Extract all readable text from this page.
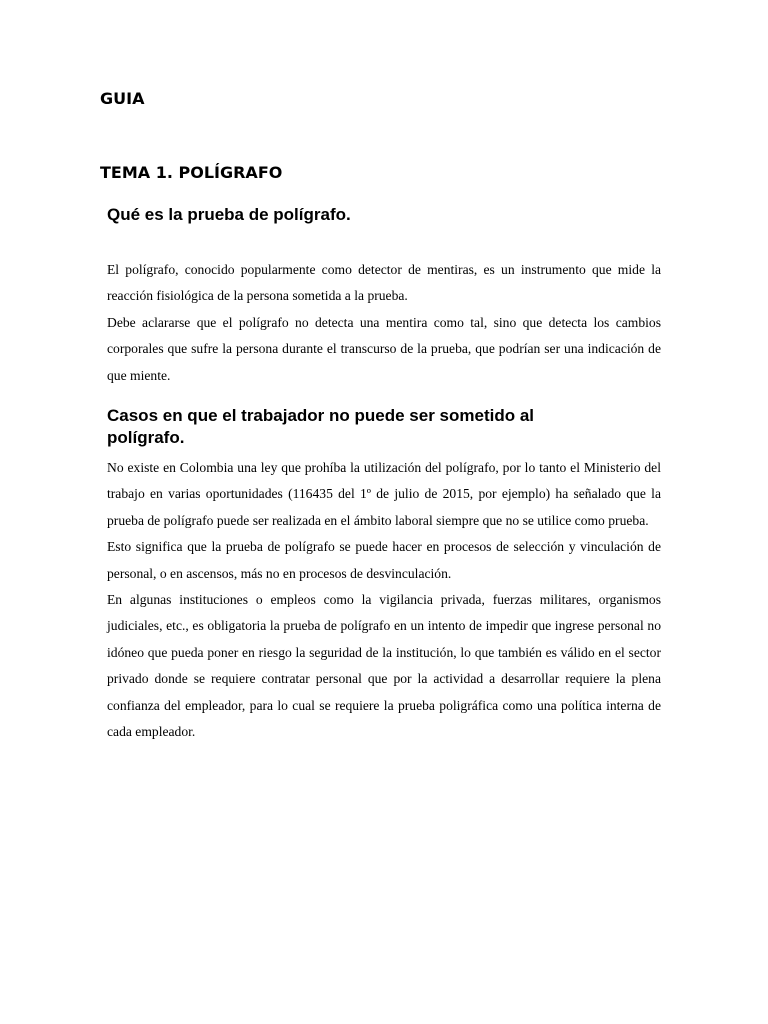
GUIA
TEMA 1. POLÍGRAFO
Qué es la prueba de polígrafo.

El polígrafo, conocido popularmente como detector de mentiras, es un instrumento que mide la reacción fisiológica de la persona sometida a la prueba.

Debe aclararse que el polígrafo no detecta una mentira como tal, sino que detecta los cambios corporales que sufre la persona durante el transcurso de la prueba, que podrían ser una indicación de que miente.

Casos en que el trabajador no puede ser sometido al polígrafo.

No existe en Colombia una ley que prohíba la utilización del polígrafo, por lo tanto el Ministerio del trabajo en varias oportunidades (116435 del 1º de julio de 2015, por ejemplo) ha señalado que la prueba de polígrafo puede ser realizada en el ámbito laboral siempre que no se utilice como prueba.

Esto significa que la prueba de polígrafo se puede hacer en procesos de selección y vinculación de personal, o en ascensos, más no en procesos de desvinculación.

En algunas instituciones o empleos como la vigilancia privada, fuerzas militares, organismos judiciales, etc., es obligatoria la prueba de polígrafo en un intento de impedir que ingrese personal no idóneo que pueda poner en riesgo la seguridad de la institución, lo que también es válido en el sector privado donde se requiere contratar personal que por la actividad a desarrollar requiere la plena confianza del empleador, para lo cual se requiere la prueba poligráfica como una política interna de cada empleador.
